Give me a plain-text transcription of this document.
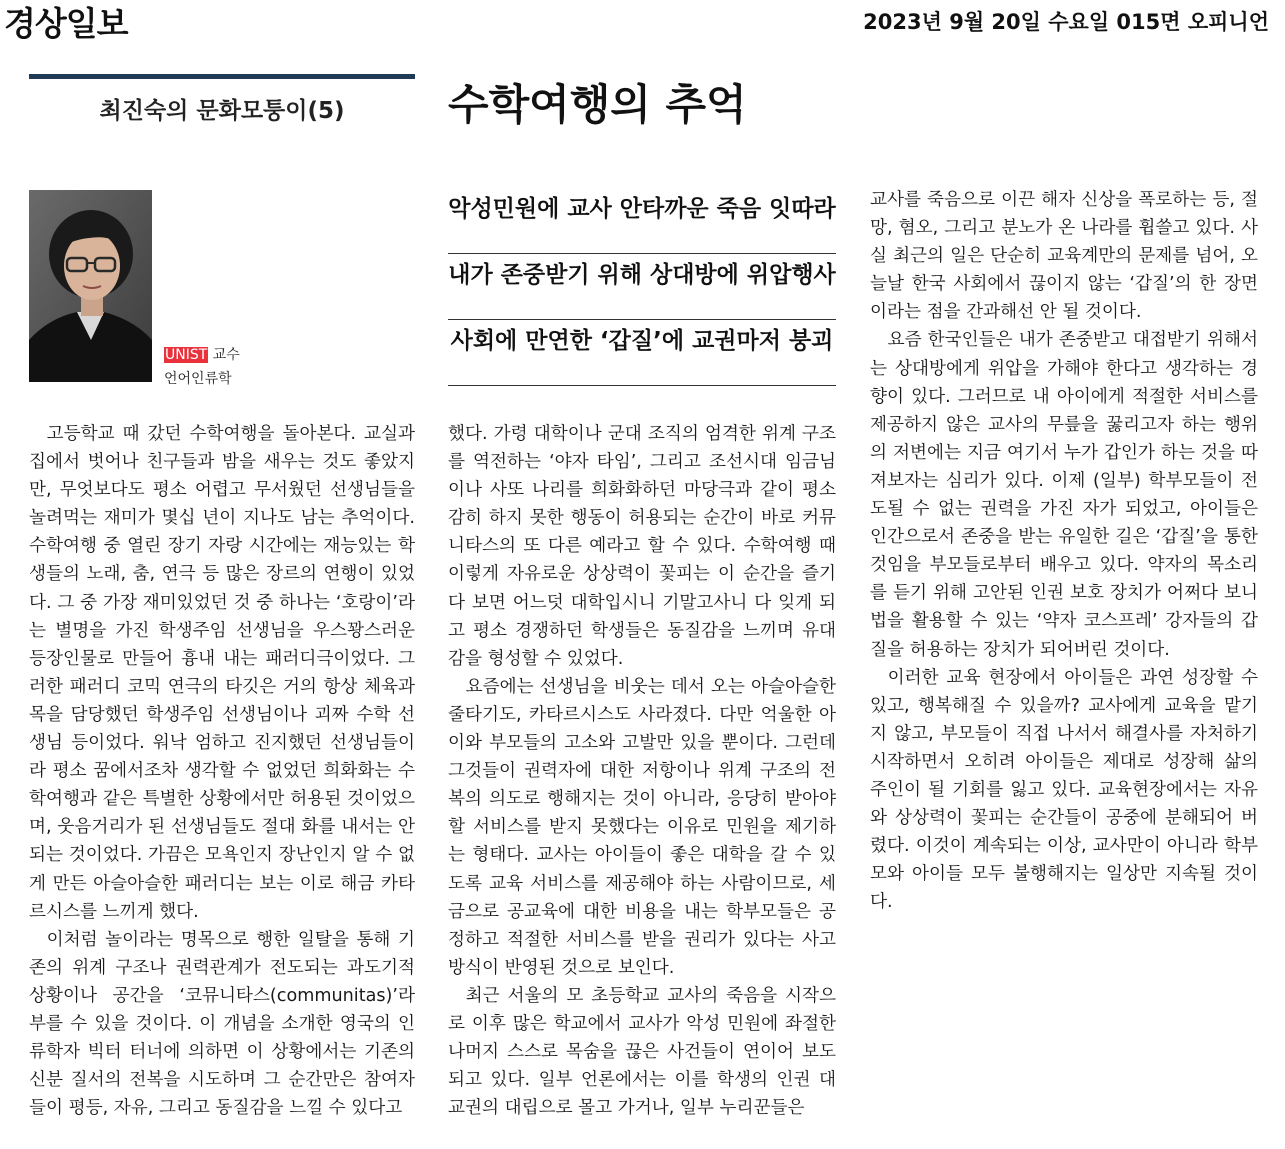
경상일보	2023년 9월 20일 수요일 015면 오피니언
최진숙의 문화모퉁이(5)	수학여행의 추억
UNIST 교수
언어인류학
악성민원에 교사 안타까운 죽음 잇따라
내가 존중받기 위해 상대방에 위압행사
사회에 만연한 ‘갑질’에 교권마저 붕괴

고등학교 때 갔던 수학여행을 돌아본다. 교실과 집에서 벗어나 친구들과 밤을 새우는 것도 좋았지만, 무엇보다도 평소 어렵고 무서웠던 선생님들을 놀려먹는 재미가 몇십 년이 지나도 남는 추억이다. 수학여행 중 열린 장기 자랑 시간에는 재능있는 학생들의 노래, 춤, 연극 등 많은 장르의 연행이 있었다. 그 중 가장 재미있었던 것 중 하나는 ‘호랑이’라는 별명을 가진 학생주임 선생님을 우스꽝스러운 등장인물로 만들어 흉내 내는 패러디극이었다. 그러한 패러디 코믹 연극의 타깃은 거의 항상 체육과목을 담당했던 학생주임 선생님이나 괴짜 수학 선생님 등이었다. 워낙 엄하고 진지했던 선생님들이라 평소 꿈에서조차 생각할 수 없었던 희화화는 수학여행과 같은 특별한 상황에서만 허용된 것이었으며, 웃음거리가 된 선생님들도 절대 화를 내서는 안 되는 것이었다. 가끔은 모욕인지 장난인지 알 수 없게 만든 아슬아슬한 패러디는 보는 이로 해금 카타르시스를 느끼게 했다.

이처럼 놀이라는 명목으로 행한 일탈을 통해 기존의 위계 구조나 권력관계가 전도되는 과도기적 상황이나 공간을 ‘코뮤니타스(communitas)’라 부를 수 있을 것이다. 이 개념을 소개한 영국의 인류학자 빅터 터너에 의하면 이 상황에서는 기존의 신분 질서의 전복을 시도하며 그 순간만은 참여자들이 평등, 자유, 그리고 동질감을 느낄 수 있다고

했다. 가령 대학이나 군대 조직의 엄격한 위계 구조를 역전하는 ‘야자 타임’, 그리고 조선시대 임금님이나 사또 나리를 희화화하던 마당극과 같이 평소 감히 하지 못한 행동이 허용되는 순간이 바로 커뮤니타스의 또 다른 예라고 할 수 있다. 수학여행 때 이렇게 자유로운 상상력이 꽃피는 이 순간을 즐기다 보면 어느덧 대학입시니 기말고사니 다 잊게 되고 평소 경쟁하던 학생들은 동질감을 느끼며 유대감을 형성할 수 있었다.

요즘에는 선생님을 비웃는 데서 오는 아슬아슬한 줄타기도, 카타르시스도 사라졌다. 다만 억울한 아이와 부모들의 고소와 고발만 있을 뿐이다. 그런데 그것들이 권력자에 대한 저항이나 위계 구조의 전복의 의도로 행해지는 것이 아니라, 응당히 받아야 할 서비스를 받지 못했다는 이유로 민원을 제기하는 형태다. 교사는 아이들이 좋은 대학을 갈 수 있도록 교육 서비스를 제공해야 하는 사람이므로, 세금으로 공교육에 대한 비용을 내는 학부모들은 공정하고 적절한 서비스를 받을 권리가 있다는 사고방식이 반영된 것으로 보인다.

최근 서울의 모 초등학교 교사의 죽음을 시작으로 이후 많은 학교에서 교사가 악성 민원에 좌절한 나머지 스스로 목숨을 끊은 사건들이 연이어 보도되고 있다. 일부 언론에서는 이를 학생의 인권 대 교권의 대립으로 몰고 가거나, 일부 누리꾼들은

교사를 죽음으로 이끈 해자 신상을 폭로하는 등, 절망, 혐오, 그리고 분노가 온 나라를 휩쓸고 있다. 사실 최근의 일은 단순히 교육계만의 문제를 넘어, 오늘날 한국 사회에서 끊이지 않는 ‘갑질’의 한 장면이라는 점을 간과해선 안 될 것이다.

요즘 한국인들은 내가 존중받고 대접받기 위해서는 상대방에게 위압을 가해야 한다고 생각하는 경향이 있다. 그러므로 내 아이에게 적절한 서비스를 제공하지 않은 교사의 무릎을 꿇리고자 하는 행위의 저변에는 지금 여기서 누가 갑인가 하는 것을 따져보자는 심리가 있다. 이제 (일부) 학부모들이 전도될 수 없는 권력을 가진 자가 되었고, 아이들은 인간으로서 존중을 받는 유일한 길은 ‘갑질’을 통한 것임을 부모들로부터 배우고 있다. 약자의 목소리를 듣기 위해 고안된 인권 보호 장치가 어쩌다 보니 법을 활용할 수 있는 ‘약자 코스프레’ 강자들의 갑질을 허용하는 장치가 되어버린 것이다.

이러한 교육 현장에서 아이들은 과연 성장할 수 있고, 행복해질 수 있을까? 교사에게 교육을 맡기지 않고, 부모들이 직접 나서서 해결사를 자처하기 시작하면서 오히려 아이들은 제대로 성장해 삶의 주인이 될 기회를 잃고 있다. 교육현장에서는 자유와 상상력이 꽃피는 순간들이 공중에 분해되어 버렸다. 이것이 계속되는 이상, 교사만이 아니라 학부모와 아이들 모두 불행해지는 일상만 지속될 것이다.
